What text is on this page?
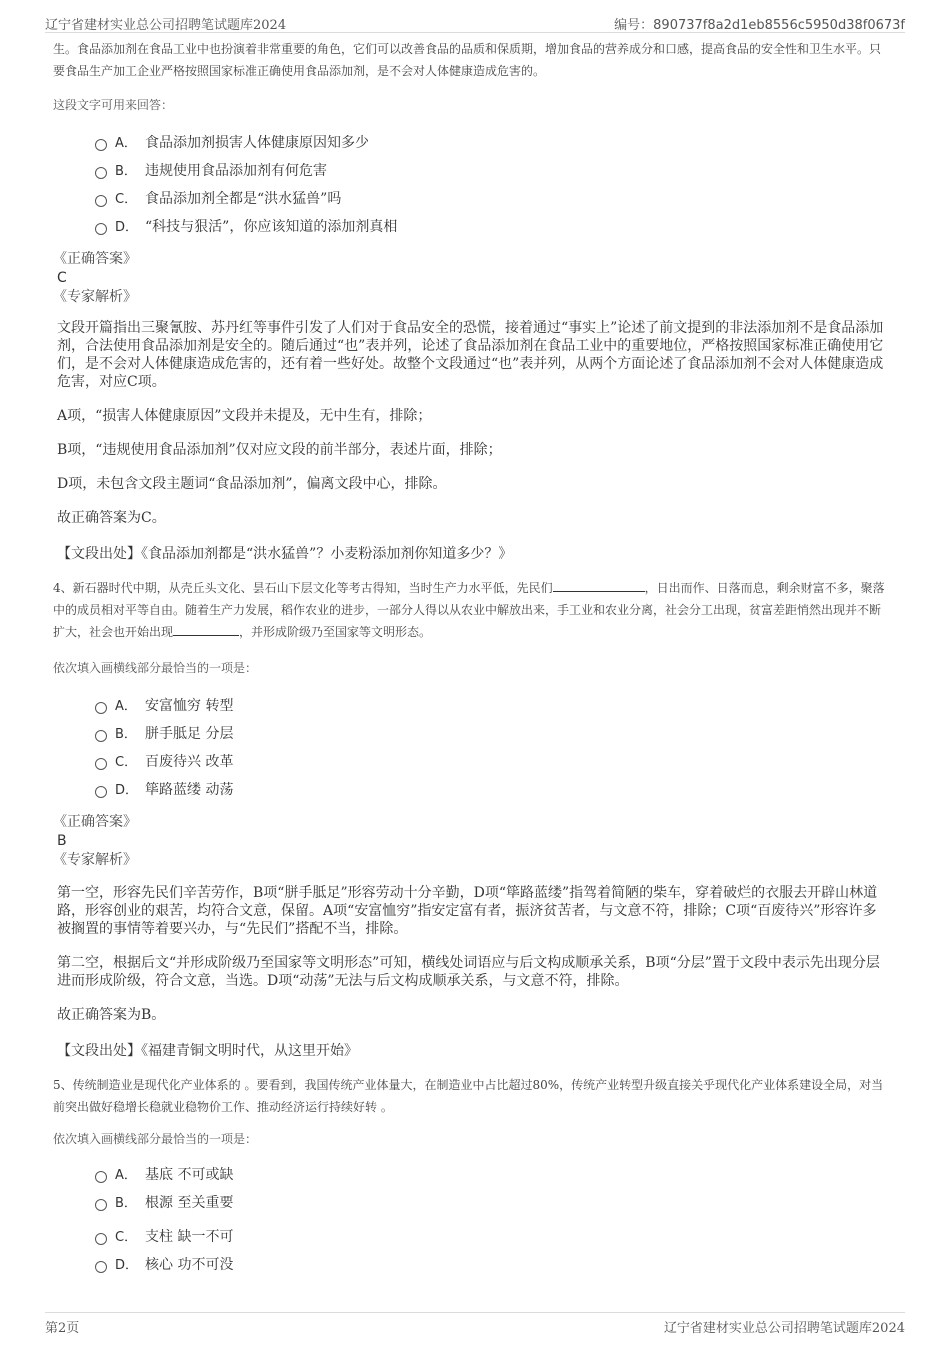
辽宁省建材实业总公司招聘笔试题库2024	编号：890737f8a2d1eb8556c5950d38f0673f

生。食品添加剂在食品工业中也扮演着非常重要的角色，它们可以改善食品的品质和保质期，增加食品的营养成分和口感，提高食品的安全性和卫生水平。只要食品生产加工企业严格按照国家标准正确使用食品添加剂，是不会对人体健康造成危害的。

这段文字可用来回答：

A． 食品添加剂损害人体健康原因知多少
B． 违规使用食品添加剂有何危害
C． 食品添加剂全都是“洪水猛兽”吗
D． “科技与狠活”，你应该知道的添加剂真相

《正确答案》

C

《专家解析》

文段开篇指出三聚氰胺、苏丹红等事件引发了人们对于食品安全的恐慌，接着通过“事实上”论述了前文提到的非法添加剂不是食品添加剂，合法使用食品添加剂是安全的。随后通过“也”表并列，论述了食品添加剂在食品工业中的重要地位，严格按照国家标准正确使用它们，是不会对人体健康造成危害的，还有着一些好处。故整个文段通过“也”表并列，从两个方面论述了食品添加剂不会对人体健康造成危害，对应C项。

A项，“损害人体健康原因”文段并未提及，无中生有，排除；

B项，“违规使用食品添加剂”仅对应文段的前半部分，表述片面，排除；

D项，未包含文段主题词“食品添加剂”，偏离文段中心，排除。

故正确答案为C。

【文段出处】《食品添加剂都是“洪水猛兽”？小麦粉添加剂你知道多少？》

4、新石器时代中期，从壳丘头文化、昙石山下层文化等考古得知，当时生产力水平低，先民们	，日出而作、日落而息，剩余财富不多，聚落中的成员相对平等自由。随着生产力发展，稻作农业的进步，一部分人得以从农业中解放出来，手工业和农业分离，社会分工出现，贫富差距悄然出现并不断扩大，社会也开始出现	，并形成阶级乃至国家等文明形态。

依次填入画横线部分最恰当的一项是：

A． 安富恤穷 转型
B． 胼手胝足 分层
C． 百废待兴 改革
D． 筚路蓝缕 动荡

《正确答案》

B

《专家解析》

第一空，形容先民们辛苦劳作，B项“胼手胝足”形容劳动十分辛勤，D项“筚路蓝缕”指驾着简陋的柴车，穿着破烂的衣服去开辟山林道路，形容创业的艰苦，均符合文意，保留。A项“安富恤穷”指安定富有者，振济贫苦者，与文意不符，排除；C项“百废待兴”形容许多被搁置的事情等着要兴办，与“先民们”搭配不当，排除。

第二空，根据后文“并形成阶级乃至国家等文明形态”可知，横线处词语应与后文构成顺承关系，B项“分层”置于文段中表示先出现分层进而形成阶级，符合文意，当选。D项“动荡”无法与后文构成顺承关系，与文意不符，排除。

故正确答案为B。

【文段出处】《福建青铜文明时代，从这里开始》

5、传统制造业是现代化产业体系的 。要看到，我国传统产业体量大，在制造业中占比超过80%，传统产业转型升级直接关乎现代化产业体系建设全局，对当前突出做好稳增长稳就业稳物价工作、推动经济运行持续好转 。

依次填入画横线部分最恰当的一项是：

A． 基底 不可或缺
B． 根源 至关重要
C． 支柱 缺一不可
D． 核心 功不可没
第2页	辽宁省建材实业总公司招聘笔试题库2024
